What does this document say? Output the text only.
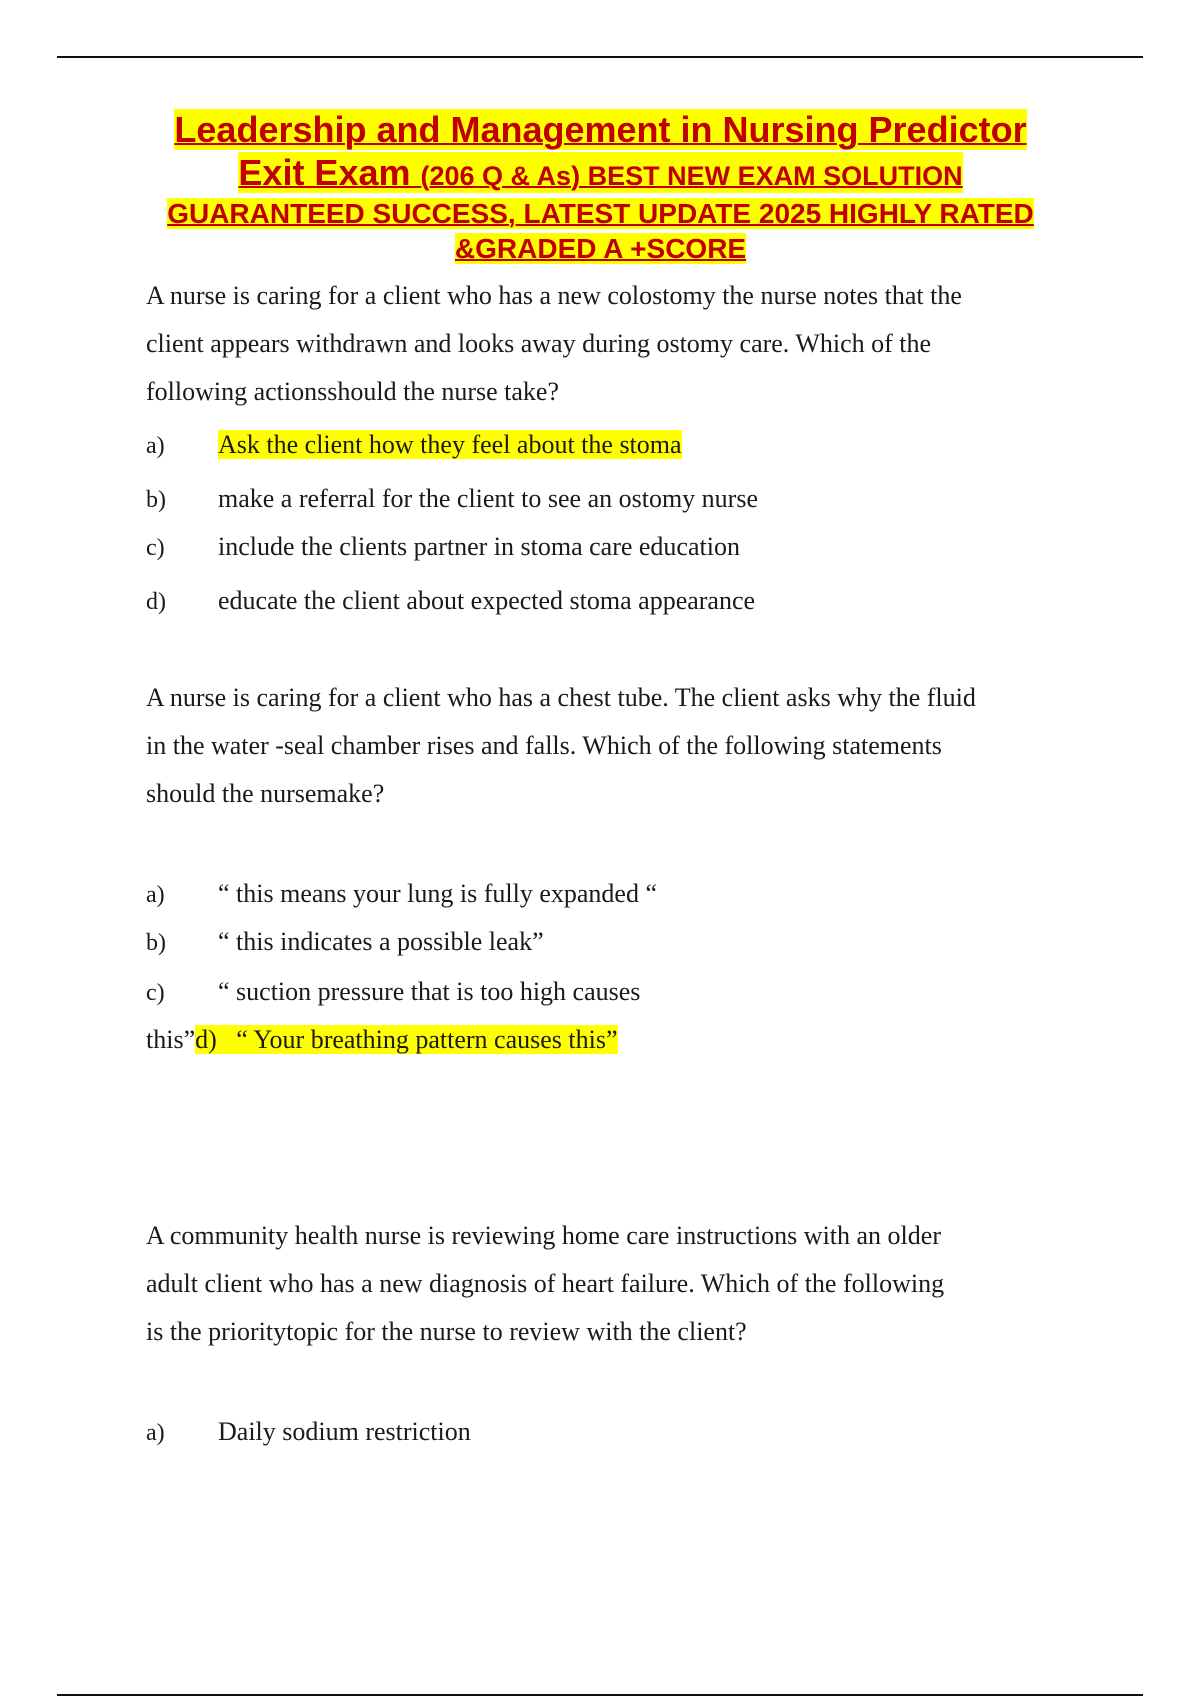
Leadership and Management in Nursing Predictor
Exit Exam (206 Q & As) BEST NEW EXAM SOLUTION
GUARANTEED SUCCESS, LATEST UPDATE 2025 HIGHLY RATED
&GRADED A +SCORE
A nurse is caring for a client who has a new colostomy the nurse notes that the
client appears withdrawn and looks away during ostomy care. Which of the
following actionsshould the nurse take?
a) Ask the client how they feel about the stoma
b) make a referral for the client to see an ostomy nurse
c) include the clients partner in stoma care education
d) educate the client about expected stoma appearance
A nurse is caring for a client who has a chest tube. The client asks why the fluid
in the water -seal chamber rises and falls. Which of the following statements
should the nursemake?
a) “ this means your lung is fully expanded “
b) “ this indicates a possible leak”
c) “ suction pressure that is too high causes
this”d) “ Your breathing pattern causes this”
A community health nurse is reviewing home care instructions with an older
adult client who has a new diagnosis of heart failure. Which of the following
is the prioritytopic for the nurse to review with the client?
a) Daily sodium restriction
